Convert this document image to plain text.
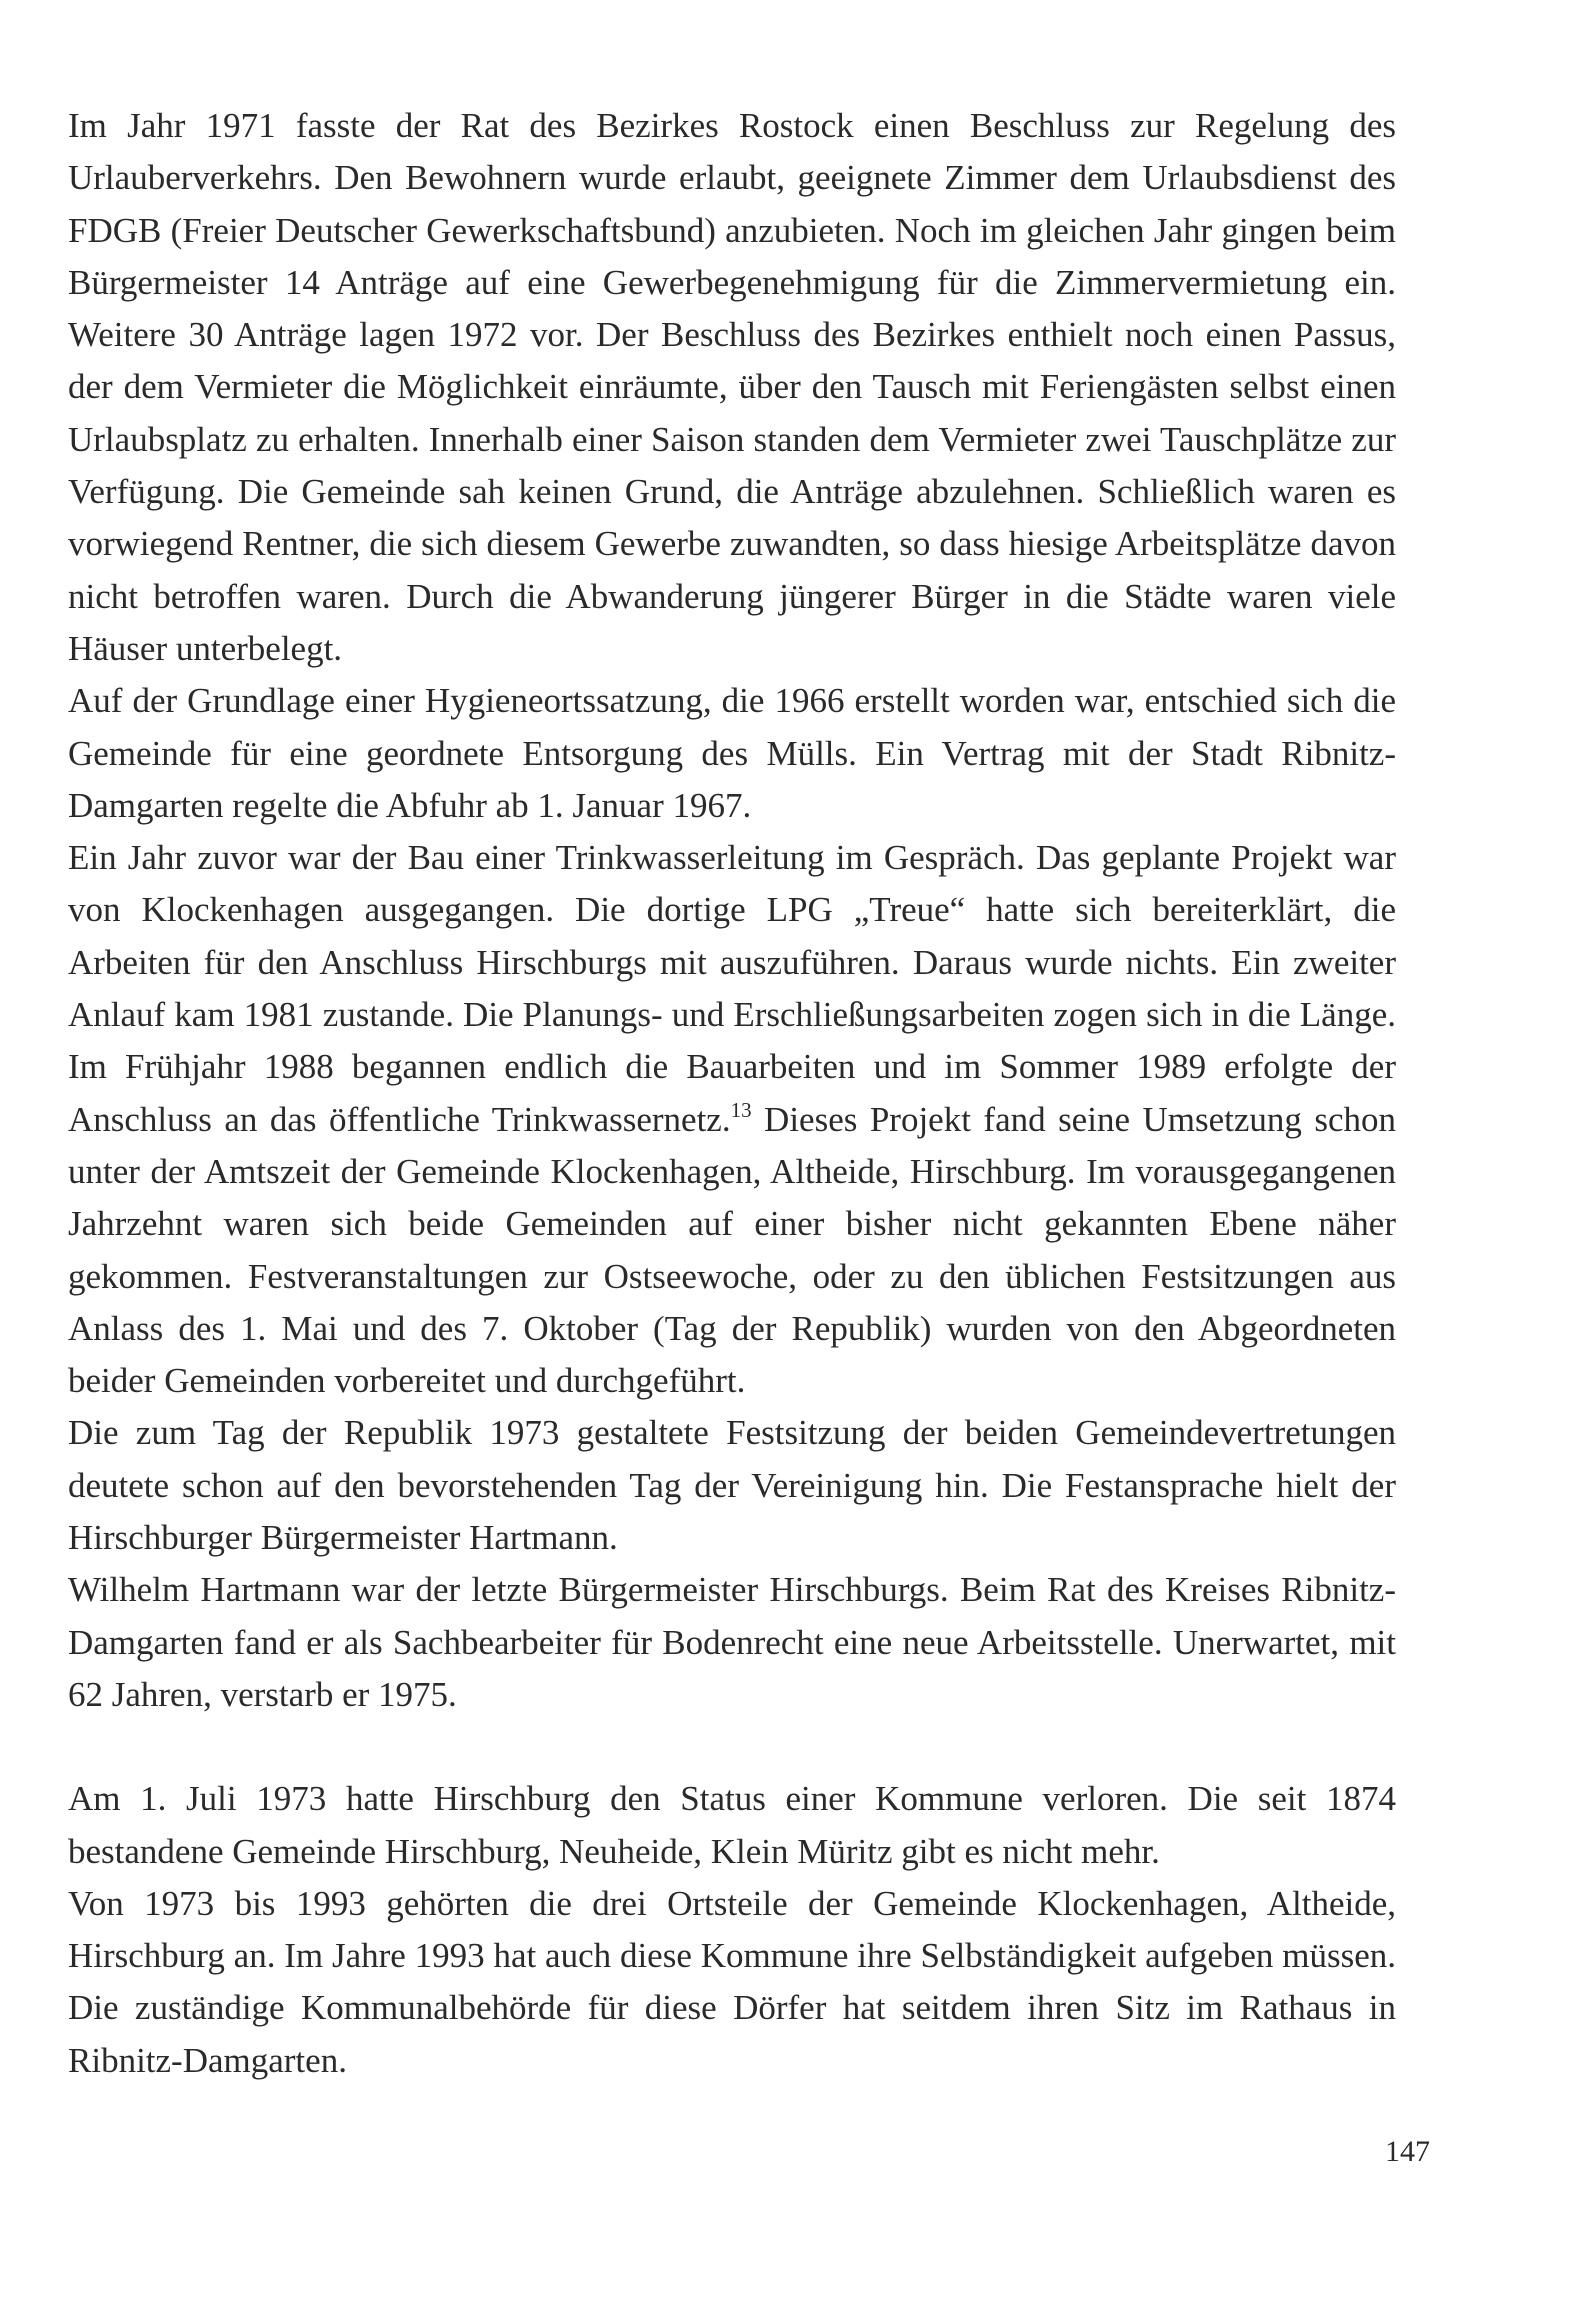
Im Jahr 1971 fasste der Rat des Bezirkes Rostock einen Beschluss zur Regelung des Urlauberverkehrs. Den Bewohnern wurde erlaubt, geeignete Zimmer dem Urlaubsdienst des FDGB (Freier Deutscher Gewerkschaftsbund) anzubieten. Noch im gleichen Jahr gingen beim Bürgermeister 14 Anträge auf eine Gewerbegenehmigung für die Zimmervermietung ein. Weitere 30 Anträge lagen 1972 vor. Der Beschluss des Bezirkes enthielt noch einen Passus, der dem Vermieter die Möglichkeit einräumte, über den Tausch mit Feriengästen selbst einen Urlaubsplatz zu erhalten. Innerhalb einer Saison standen dem Vermieter zwei Tauschplätze zur Verfügung. Die Gemeinde sah keinen Grund, die Anträge abzulehnen. Schließlich waren es vorwiegend Rentner, die sich diesem Gewerbe zuwandten, so dass hiesige Arbeitsplätze davon nicht betroffen waren. Durch die Abwanderung jüngerer Bürger in die Städte waren viele Häuser unterbelegt.

Auf der Grundlage einer Hygieneortssatzung, die 1966 erstellt worden war, entschied sich die Gemeinde für eine geordnete Entsorgung des Mülls. Ein Vertrag mit der Stadt Ribnitz-Damgarten regelte die Abfuhr ab 1. Januar 1967.

Ein Jahr zuvor war der Bau einer Trinkwasserleitung im Gespräch. Das geplante Projekt war von Klockenhagen ausgegangen. Die dortige LPG „Treue“ hatte sich bereiterklärt, die Arbeiten für den Anschluss Hirschburgs mit auszuführen. Daraus wurde nichts. Ein zweiter Anlauf kam 1981 zustande. Die Planungs- und Erschließungsarbeiten zogen sich in die Länge. Im Frühjahr 1988 begannen endlich die Bauarbeiten und im Sommer 1989 erfolgte der Anschluss an das öffentliche Trinkwassernetz.$^{13}$ Dieses Projekt fand seine Umsetzung schon unter der Amtszeit der Gemeinde Klockenhagen, Altheide, Hirschburg. Im vorausgegangenen Jahrzehnt waren sich beide Gemeinden auf einer bisher nicht gekannten Ebene näher gekommen. Festveranstaltungen zur Ostseewoche, oder zu den üblichen Festsitzungen aus Anlass des 1. Mai und des 7. Oktober (Tag der Republik) wurden von den Abgeordneten beider Gemeinden vorbereitet und durchgeführt.

Die zum Tag der Republik 1973 gestaltete Festsitzung der beiden Gemeindevertretungen deutete schon auf den bevorstehenden Tag der Vereinigung hin. Die Festansprache hielt der Hirschburger Bürgermeister Hartmann.

Wilhelm Hartmann war der letzte Bürgermeister Hirschburgs. Beim Rat des Kreises Ribnitz-Damgarten fand er als Sachbearbeiter für Bodenrecht eine neue Arbeitsstelle. Unerwartet, mit 62 Jahren, verstarb er 1975.

Am 1. Juli 1973 hatte Hirschburg den Status einer Kommune verloren. Die seit 1874 bestandene Gemeinde Hirschburg, Neuheide, Klein Müritz gibt es nicht mehr.

Von 1973 bis 1993 gehörten die drei Ortsteile der Gemeinde Klockenhagen, Altheide, Hirschburg an. Im Jahre 1993 hat auch diese Kommune ihre Selbständigkeit aufgeben müssen. Die zuständige Kommunalbehörde für diese Dörfer hat seitdem ihren Sitz im Rathaus in Ribnitz-Damgarten.

147
